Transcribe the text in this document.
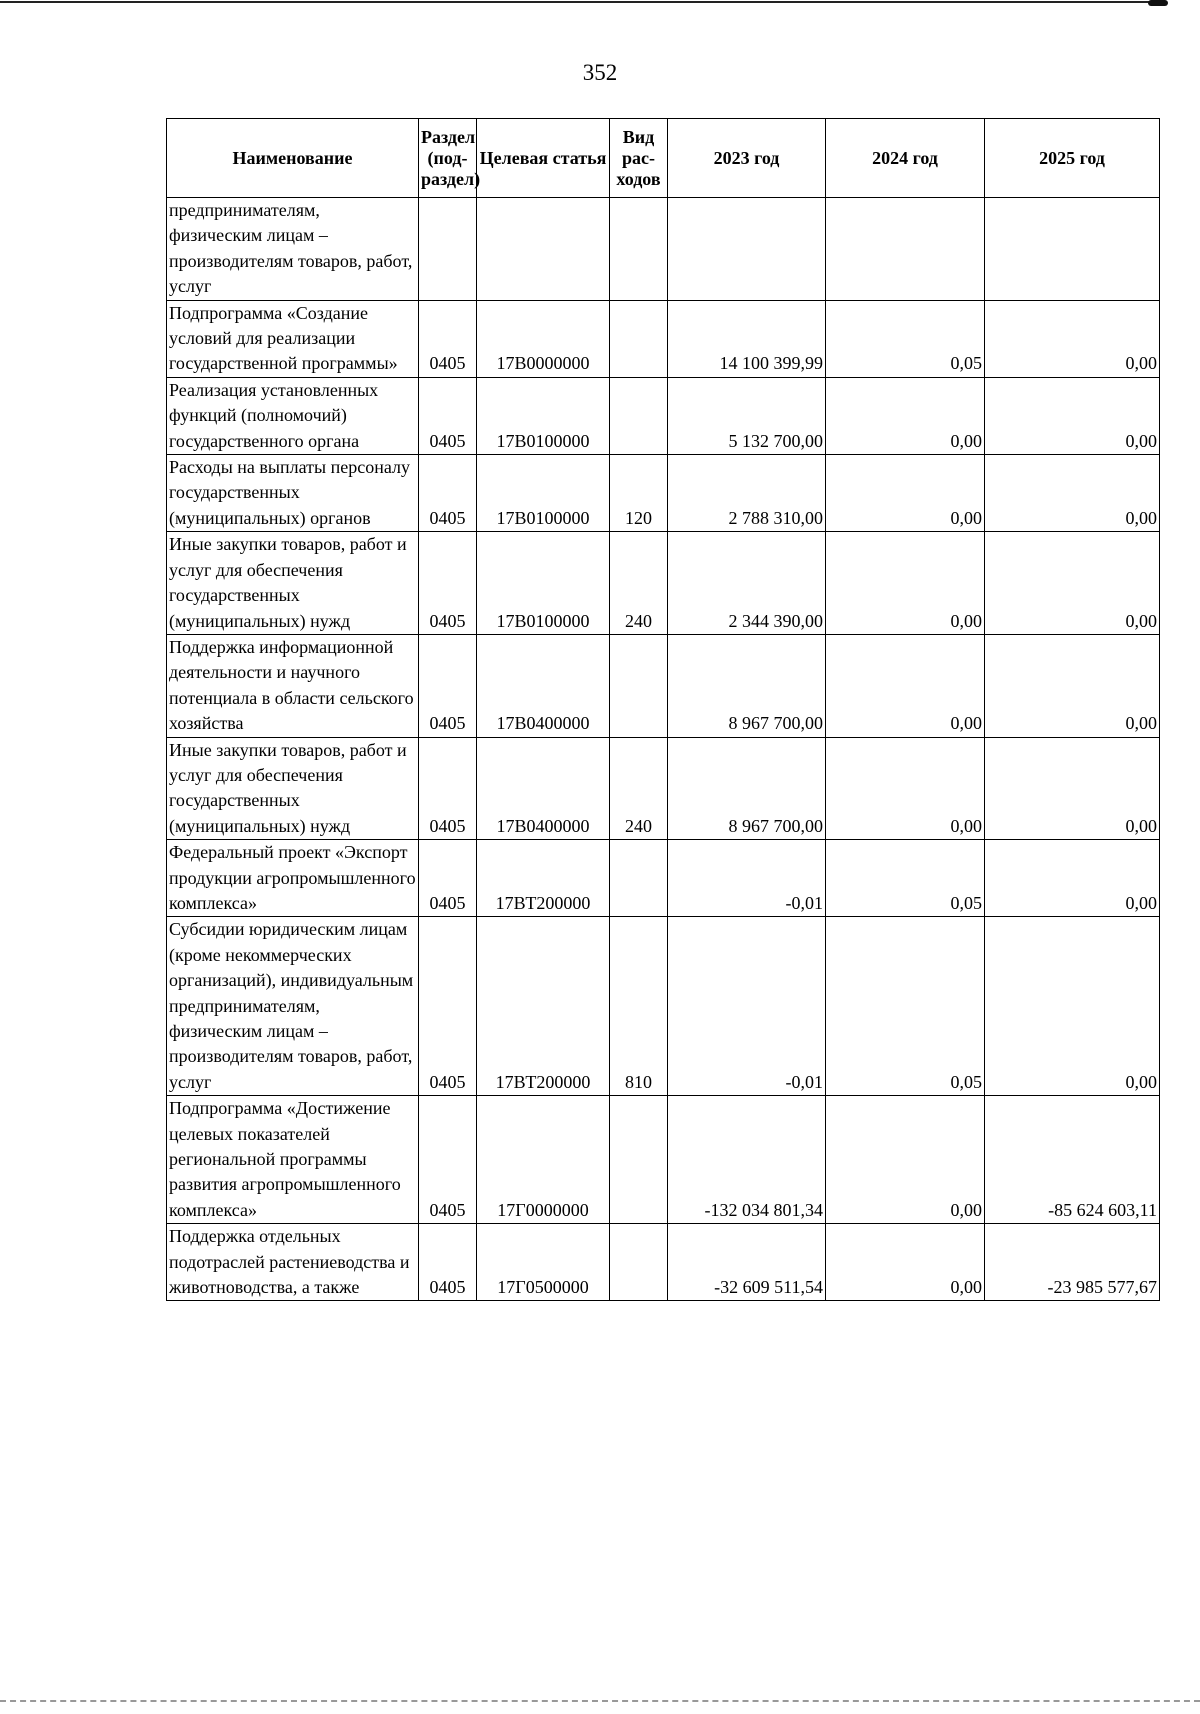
352
Наименование	Раздел (под-раздел)	Целевая статья	Вид рас-ходов	2023 год	2024 год	2025 год
предпринимателям, физическим лицам – производителям товаров, работ, услуг						
Подпрограмма «Создание условий для реализации государственной программы»	0405	17В0000000		14 100 399,99	0,05	0,00
Реализация установленных функций (полномочий) государственного органа	0405	17В0100000		5 132 700,00	0,00	0,00
Расходы на выплаты персоналу государственных (муниципальных) органов	0405	17В0100000	120	2 788 310,00	0,00	0,00
Иные закупки товаров, работ и услуг для обеспечения государственных (муниципальных) нужд	0405	17В0100000	240	2 344 390,00	0,00	0,00
Поддержка информационной деятельности и научного потенциала в области сельского хозяйства	0405	17В0400000		8 967 700,00	0,00	0,00
Иные закупки товаров, работ и услуг для обеспечения государственных (муниципальных) нужд	0405	17В0400000	240	8 967 700,00	0,00	0,00
Федеральный проект «Экспорт продукции агропромышленного комплекса»	0405	17ВТ200000		-0,01	0,05	0,00
Субсидии юридическим лицам (кроме некоммерческих организаций), индивидуальным предпринимателям, физическим лицам – производителям товаров, работ, услуг	0405	17ВТ200000	810	-0,01	0,05	0,00
Подпрограмма «Достижение целевых показателей региональной программы развития агропромышленного комплекса»	0405	17Г0000000		-132 034 801,34	0,00	-85 624 603,11
Поддержка отдельных подотраслей растениеводства и животноводства, а также	0405	17Г0500000		-32 609 511,54	0,00	-23 985 577,67
